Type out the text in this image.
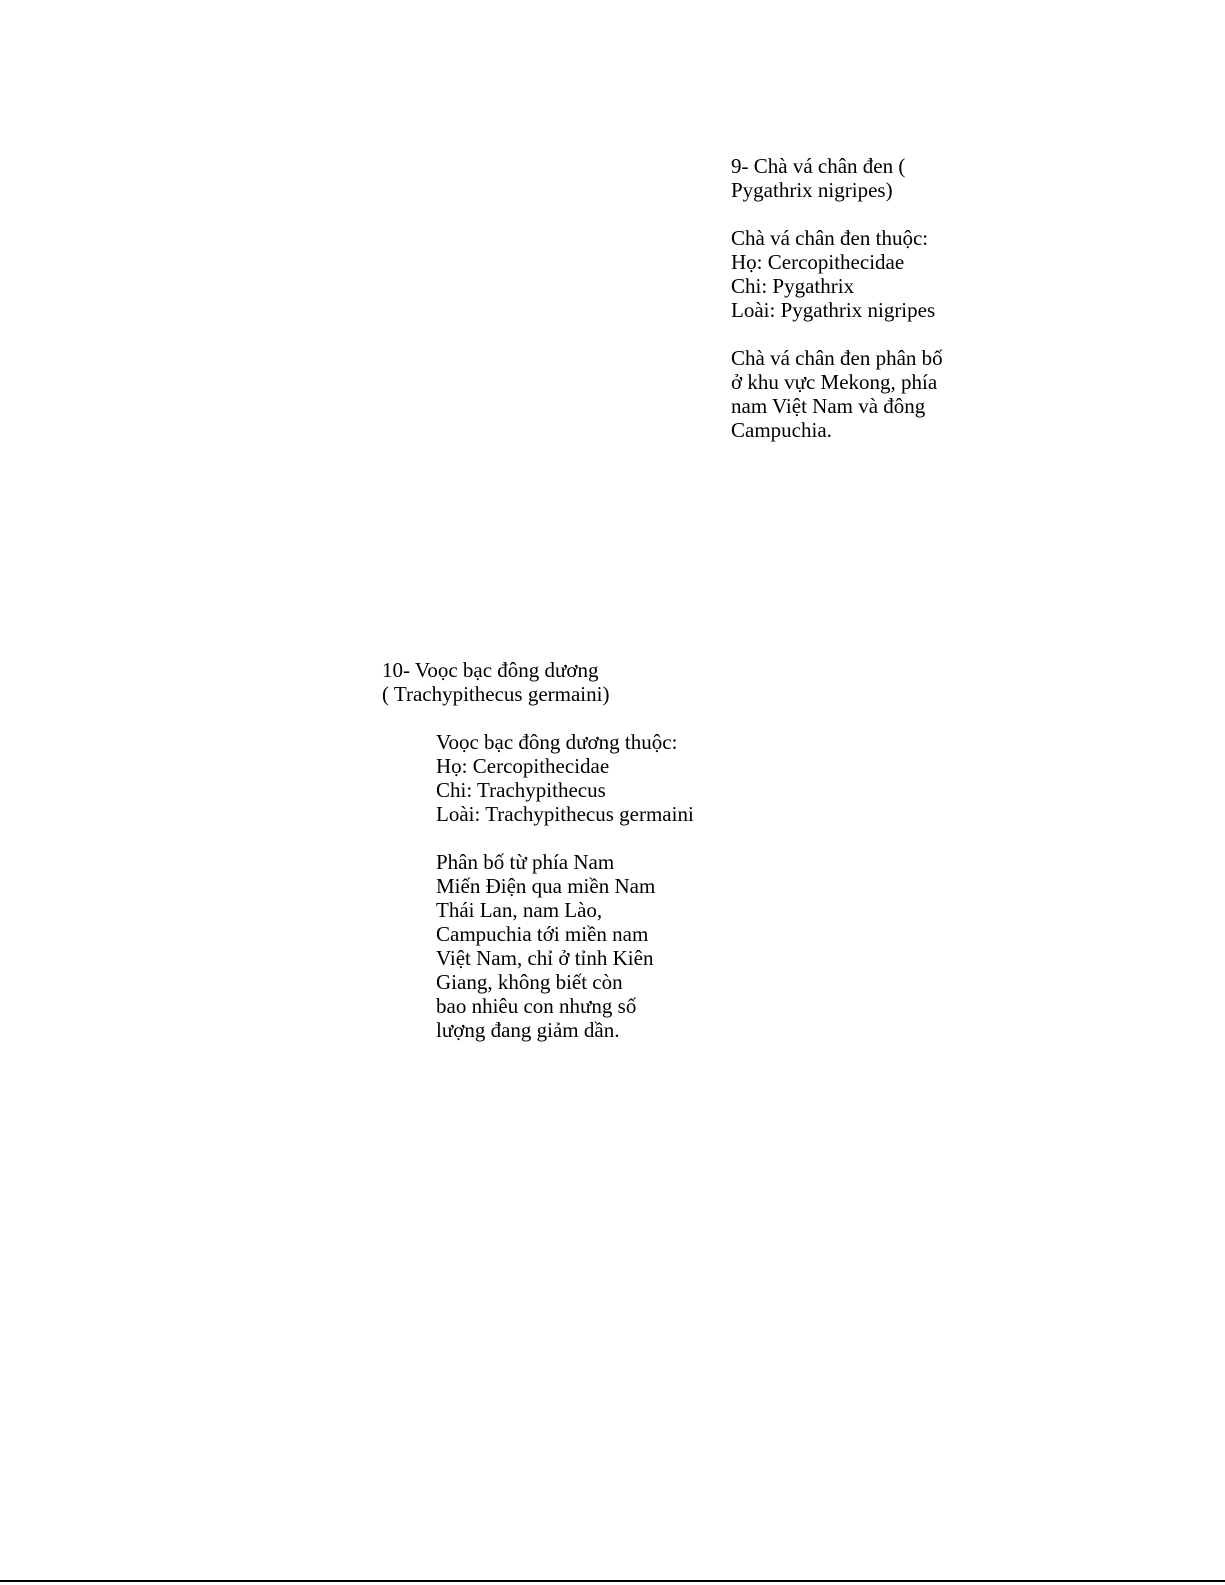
9- Chà vá chân đen (
Pygathrix nigripes)
Chà vá chân đen thuộc:
Họ: Cercopithecidae
Chi: Pygathrix
Loài: Pygathrix nigripes
Chà vá chân đen phân bố
ở khu vực Mekong, phía
nam Việt Nam và đông
Campuchia.
10- Voọc bạc đông dương
( Trachypithecus germaini)
Voọc bạc đông dương thuộc:
Họ: Cercopithecidae
Chi: Trachypithecus
Loài: Trachypithecus germaini
Phân bố từ phía Nam
Miến Điện qua miền Nam
Thái Lan, nam Lào,
Campuchia tới miền nam
Việt Nam, chỉ ở tỉnh Kiên
Giang, không biết còn
bao nhiêu con nhưng số
lượng đang giảm dần.
